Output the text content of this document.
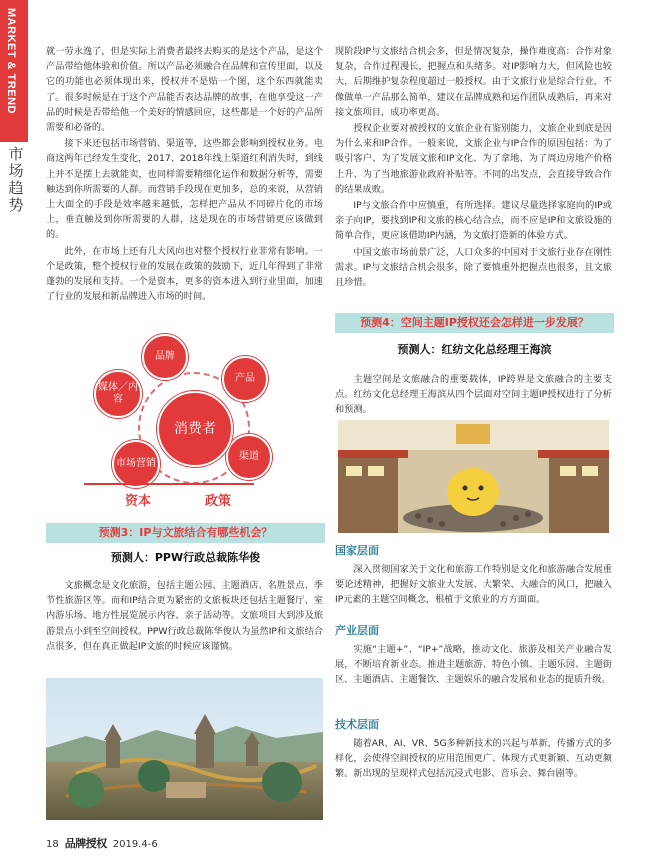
MARKET & TREND
市场趋势

就一劳永逸了，但是实际上消费者最终去购买的是这个产品，是这个产品带给他体验和价值。所以产品必须融合在品牌和宣传里面，以及它的功能也必须体现出来，授权并不是贴一个图，这个东西就能卖了。很多时候是在于这个产品能否表达品牌的故事，在他享受这一产品的时候是否带给他一个美好的情感回应，这些都是一个好的产品所需要和必备的。

接下来还包括市场营销、渠道等，这些都会影响到授权业务。电商这两年已经发生变化，2017、2018年线上渠道红利消失时，到线上并不是摆上去就能卖，也同样需要精细化运作和数据分析等，需要触达到你所需要的人群。而营销手段现在更加多，总的来说，从营销上大面全的手段是效率越来越低，怎样把产品从不同碎片化的市场上，垂直触及到你所需要的人群，这是现在的市场营销更应该做到的。

此外，在市场上还有几大风向也对整个授权行业非常有影响。一个是政策，整个授权行业的发展在政策的鼓励下，近几年得到了非常蓬勃的发展和支持。一个是资本，更多的资本进入到行业里面，加速了行业的发展和新品牌进入市场的时间。

品牌
产品
媒体／内容
市场营销
渠道
消费者
资本	政策
预测3：IP与文旅结合有哪些机会？
预测人：PPW行政总裁陈华俊

文旅概念是文化旅游，包括主题公园、主题酒店、名胜景点、季节性旅游区等。而和IP结合更为紧密的文旅板块还包括主题餐厅、室内游乐场、地方性展览展示内容、亲子活动等。文旅项目大到涉及旅游景点小到至空间授权。PPW行政总裁陈华俊认为虽然IP和文旅结合点很多，但在真正做起IP文旅的时候应该谨慎。

现阶段IP与文旅结合机会多，但是情况复杂，操作难度高：合作对象复杂，合作过程漫长，把握点和头绪多。对IP影响力大，但风险也较大，后期维护复杂程度超过一般授权。由于文旅行业是综合行业，不像做单一产品那么简单，建议在品牌成熟和运作团队成熟后，再来对接文旅项目，成功率更高。

授权企业要对被授权的文旅企业有鉴别能力，文旅企业到底是因为什么来和IP合作。一般来说，文旅企业与IP合作的原因包括：为了吸引客户、为了发展文旅和IP文化、为了拿地、为了周边房地产价格上升、为了当地旅游业政府补贴等。不同的出发点，会直接导致合作的结果成败。

IP与文旅合作中应慎重，有所选择。建议尽量选择家庭向的IP或亲子向IP，要找到IP和文旅的核心结合点，而不应是IP和文旅设施的简单合作，更应该借助IP内涵，为文旅打造新的体验方式。

中国文旅市场前景广泛，人口众多的中国对于文旅行业存在刚性需求。IP与文旅结合机会很多，除了要慎重外把握点也很多，且文旅且珍惜。

预测4：空间主题IP授权还会怎样进一步发展？
预测人：红纺文化总经理王海滨

主题空间是文旅融合的重要载体，IP跨界是文旅融合的主要支点。红纺文化总经理王海滨从四个层面对空间主题IP授权进行了分析和预测。

国家层面

深入贯彻国家关于文化和旅游工作特别是文化和旅游融合发展重要论述精神，把握好文旅业大发展、大繁荣、大融合的风口，把融入IP元素的主题空间概念，根植于文旅业的方方面面。

产业层面

实施“主题+”、“IP+”战略，推动文化、旅游及相关产业融合发展，不断培育新业态。推进主题旅游、特色小镇、主题乐园、主题街区、主题酒店、主题餐饮、主题娱乐的融合发展和业态的提质升级。

技术层面

随着AR、AI、VR、5G多种新技术的兴起与革新，传播方式的多样化，会使得空间授权的应用范围更广、体现方式更新颖、互动更频繁。新出现的呈现样式包括沉浸式电影、音乐会、舞台剧等。

18 品牌授权 2019.4-6
